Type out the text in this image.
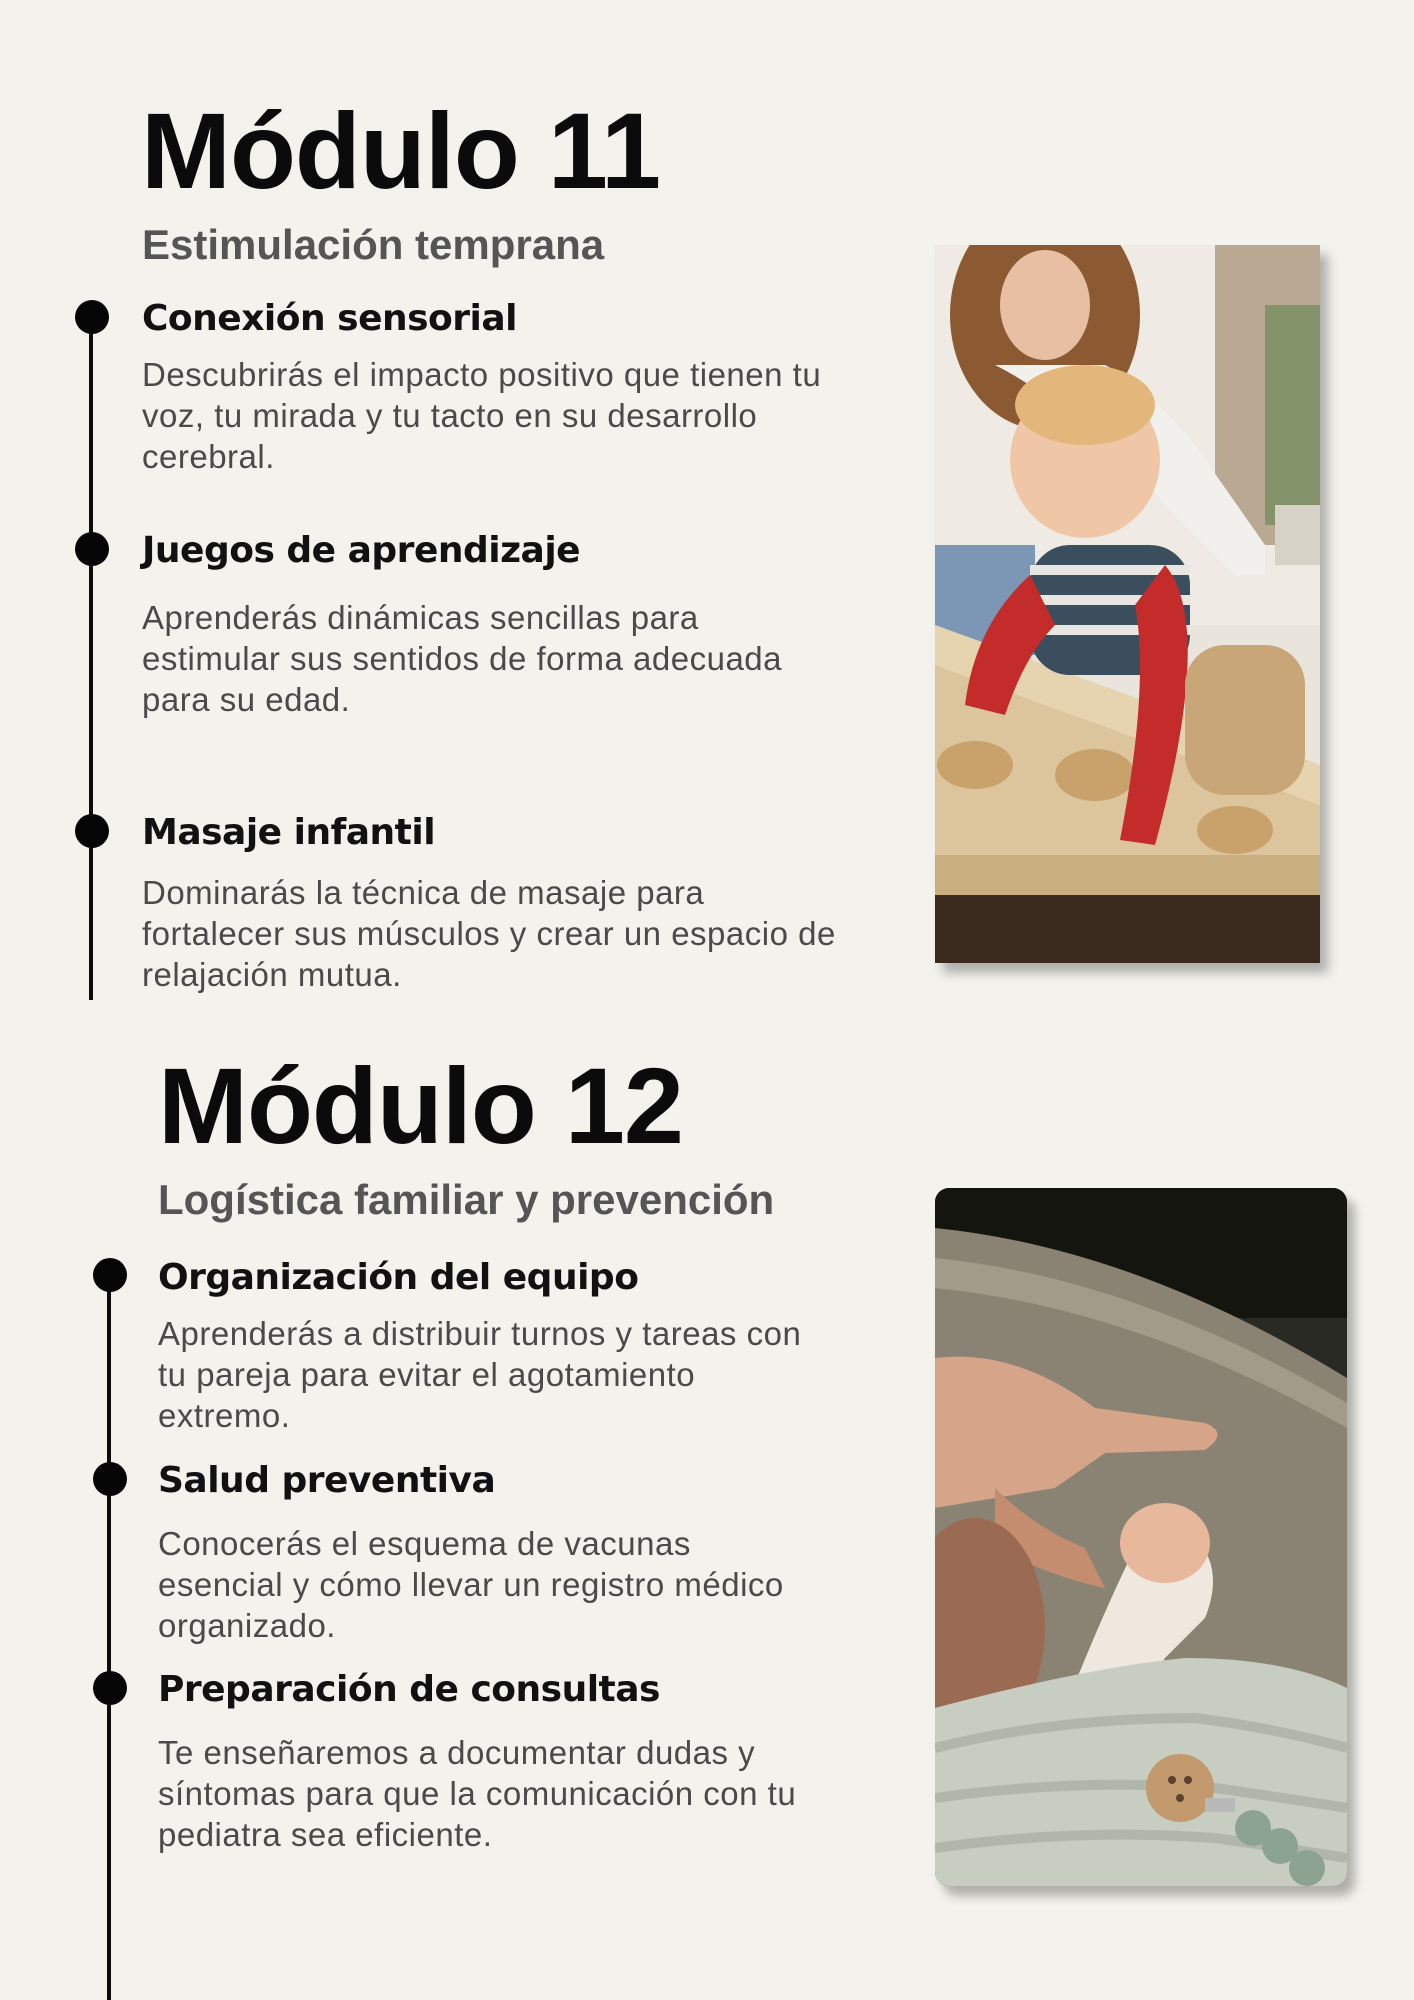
Módulo 11
Estimulación temprana
Conexión sensorial

Descubrirás el impacto positivo que tienen tu
voz, tu mirada y tu tacto en su desarrollo
cerebral.

Juegos de aprendizaje

Aprenderás dinámicas sencillas para
estimular sus sentidos de forma adecuada
para su edad.

Masaje infantil

Dominarás la técnica de masaje para
fortalecer sus músculos y crear un espacio de
relajación mutua.

Módulo 12
Logística familiar y prevención
Organización del equipo

Aprenderás a distribuir turnos y tareas con
tu pareja para evitar el agotamiento
extremo.

Salud preventiva

Conocerás el esquema de vacunas
esencial y cómo llevar un registro médico
organizado.

Preparación de consultas

Te enseñaremos a documentar dudas y
síntomas para que la comunicación con tu
pediatra sea eficiente.
